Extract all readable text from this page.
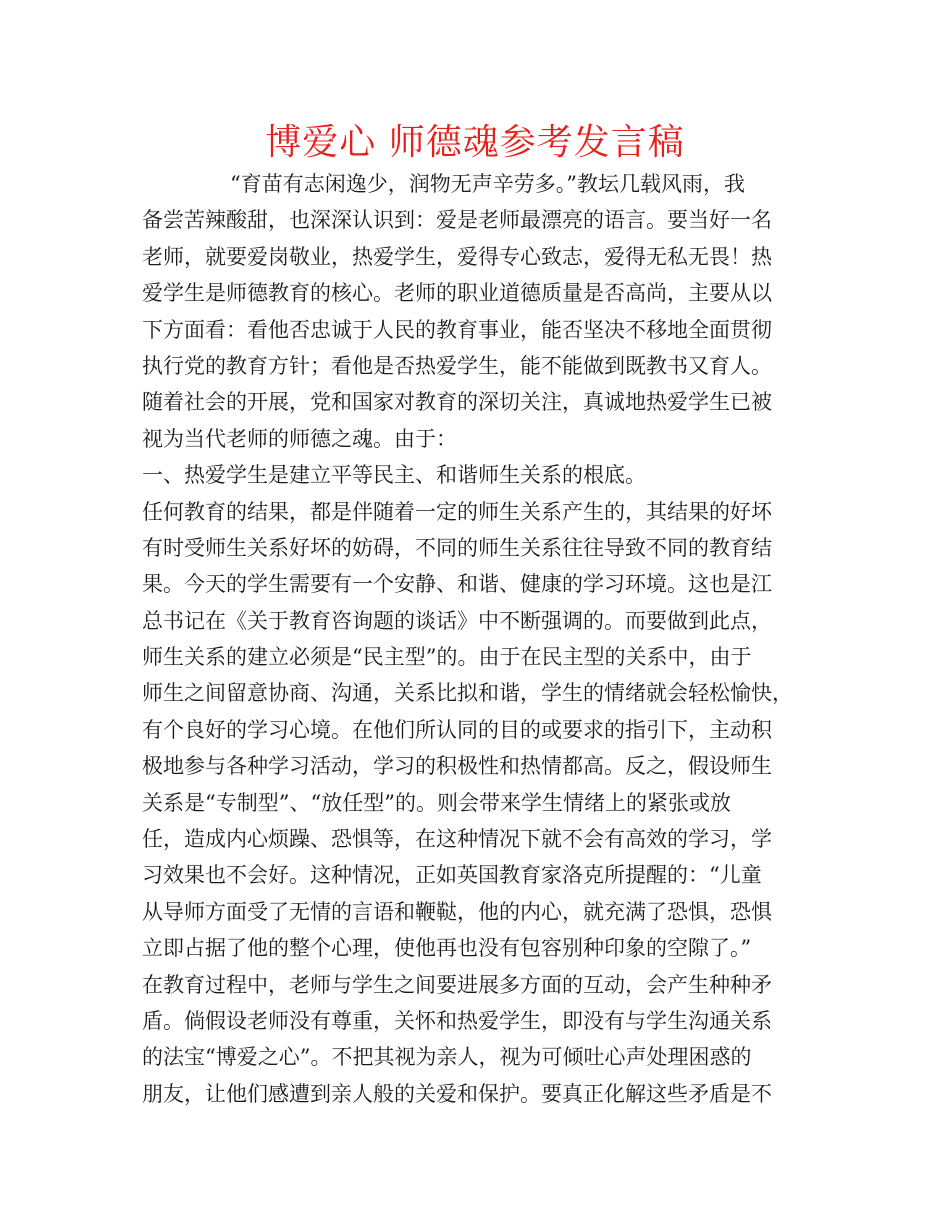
博爱心 师德魂参考发言稿
“育苗有志闲逸少，润物无声辛劳多。”教坛几载风雨，我
备尝苦辣酸甜，也深深认识到：爱是老师最漂亮的语言。要当好一名
老师，就要爱岗敬业，热爱学生，爱得专心致志，爱得无私无畏！热
爱学生是师德教育的核心。老师的职业道德质量是否高尚，主要从以
下方面看：看他否忠诚于人民的教育事业，能否坚决不移地全面贯彻
执行党的教育方针；看他是否热爱学生，能不能做到既教书又育人。
随着社会的开展，党和国家对教育的深切关注，真诚地热爱学生已被
视为当代老师的师德之魂。由于：
一、热爱学生是建立平等民主、和谐师生关系的根底。
任何教育的结果，都是伴随着一定的师生关系产生的，其结果的好坏
有时受师生关系好坏的妨碍，不同的师生关系往往导致不同的教育结
果。今天的学生需要有一个安静、和谐、健康的学习环境。这也是江
总书记在《关于教育咨询题的谈话》中不断强调的。而要做到此点，
师生关系的建立必须是“民主型”的。由于在民主型的关系中，由于
师生之间留意协商、沟通，关系比拟和谐，学生的情绪就会轻松愉快，
有个良好的学习心境。在他们所认同的目的或要求的指引下，主动积
极地参与各种学习活动，学习的积极性和热情都高。反之，假设师生
关系是“专制型”、“放任型”的。则会带来学生情绪上的紧张或放
任，造成内心烦躁、恐惧等，在这种情况下就不会有高效的学习，学
习效果也不会好。这种情况，正如英国教育家洛克所提醒的：“儿童
从导师方面受了无情的言语和鞭鞑，他的内心，就充满了恐惧，恐惧
立即占据了他的整个心理，使他再也没有包容别种印象的空隙了。”
在教育过程中，老师与学生之间要进展多方面的互动，会产生种种矛
盾。倘假设老师没有尊重，关怀和热爱学生，即没有与学生沟通关系
的法宝“博爱之心”。不把其视为亲人，视为可倾吐心声处理困惑的
朋友，让他们感遭到亲人般的关爱和保护。要真正化解这些矛盾是不
